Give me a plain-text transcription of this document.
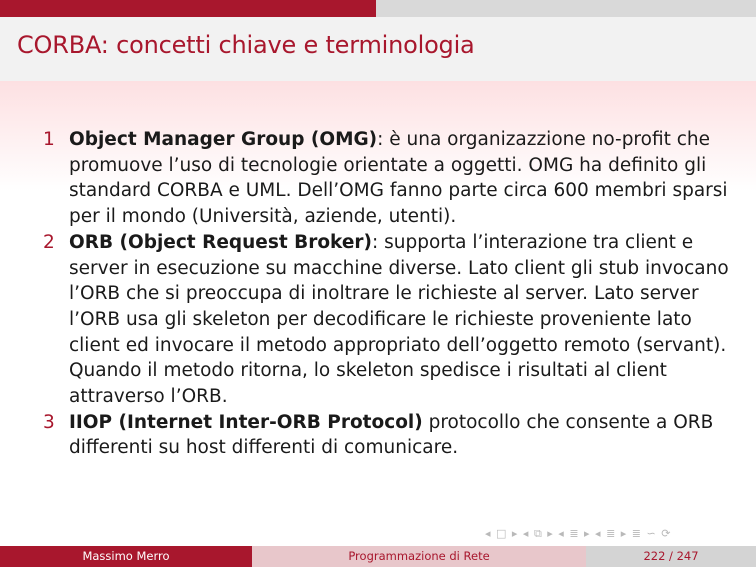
CORBA: concetti chiave e terminologia
1 Object Manager Group (OMG): è una organizazzione no-profit che promuove l’uso di tecnologie orientate a oggetti. OMG ha definito gli standard CORBA e UML. Dell’OMG fanno parte circa 600 membri sparsi per il mondo (Università, aziende, utenti).
2 ORB (Object Request Broker): supporta l’interazione tra client e server in esecuzione su macchine diverse. Lato client gli stub invocano l’ORB che si preoccupa di inoltrare le richieste al server. Lato server l’ORB usa gli skeleton per decodificare le richieste proveniente lato client ed invocare il metodo appropriato dell’oggetto remoto (servant). Quando il metodo ritorna, lo skeleton spedisce i risultati al client attraverso l’ORB.
3 IIOP (Internet Inter-ORB Protocol) protocollo che consente a ORB differenti su host differenti di comunicare.
◂ □ ▸ ◂ ⧉ ▸ ◂ ≣ ▸ ◂ ≣ ▸ ≣ ∽ ⟳
Massimo Merro	Programmazione di Rete	222 / 247
